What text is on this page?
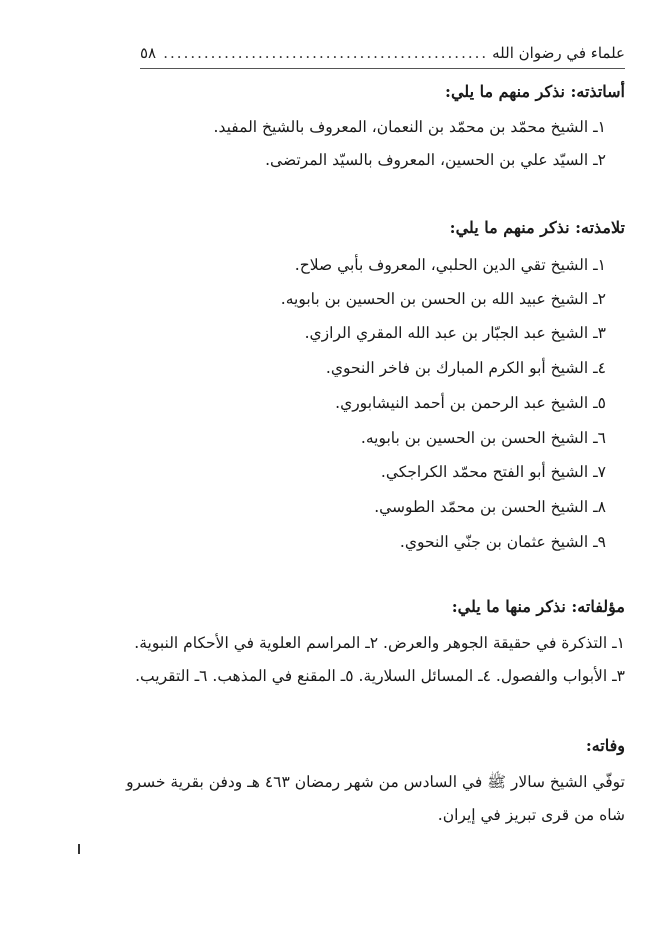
علماء في رضوان الله
.....
٥٨
أساتذته: نذكر منهم ما يلي:
١ـ الشيخ محمّد بن محمّد بن النعمان، المعروف بالشيخ المفيد.
٢ـ السيّد علي بن الحسين، المعروف بالسيّد المرتضى.
تلامذته: نذكر منهم ما يلي:
١ـ الشيخ تقي الدين الحلبي، المعروف بأبي صلاح.
٢ـ الشيخ عبيد الله بن الحسن بن الحسين بن بابويه.
٣ـ الشيخ عبد الجبّار بن عبد الله المقري الرازي.
٤ـ الشيخ أبو الكرم المبارك بن فاخر النحوي.
٥ـ الشيخ عبد الرحمن بن أحمد النيشابوري.
٦ـ الشيخ الحسن بن الحسين بن بابويه.
٧ـ الشيخ أبو الفتح محمّد الكراجكي.
٨ـ الشيخ الحسن بن محمّد الطوسي.
٩ـ الشيخ عثمان بن جنّي النحوي.
مؤلفاته: نذكر منها ما يلي:
١ـ التذكرة في حقيقة الجوهر والعرض. ٢ـ المراسم العلوية في الأحكام النبوية.
٣ـ الأبواب والفصول. ٤ـ المسائل السلارية. ٥ـ المقنع في المذهب. ٦ـ التقريب.
وفاته:
توفّي الشيخ سالار ﷺ في السادس من شهر رمضان ٤٦٣ هـ ودفن بقرية خسرو
شاه من قرى تبريز في إيران.
